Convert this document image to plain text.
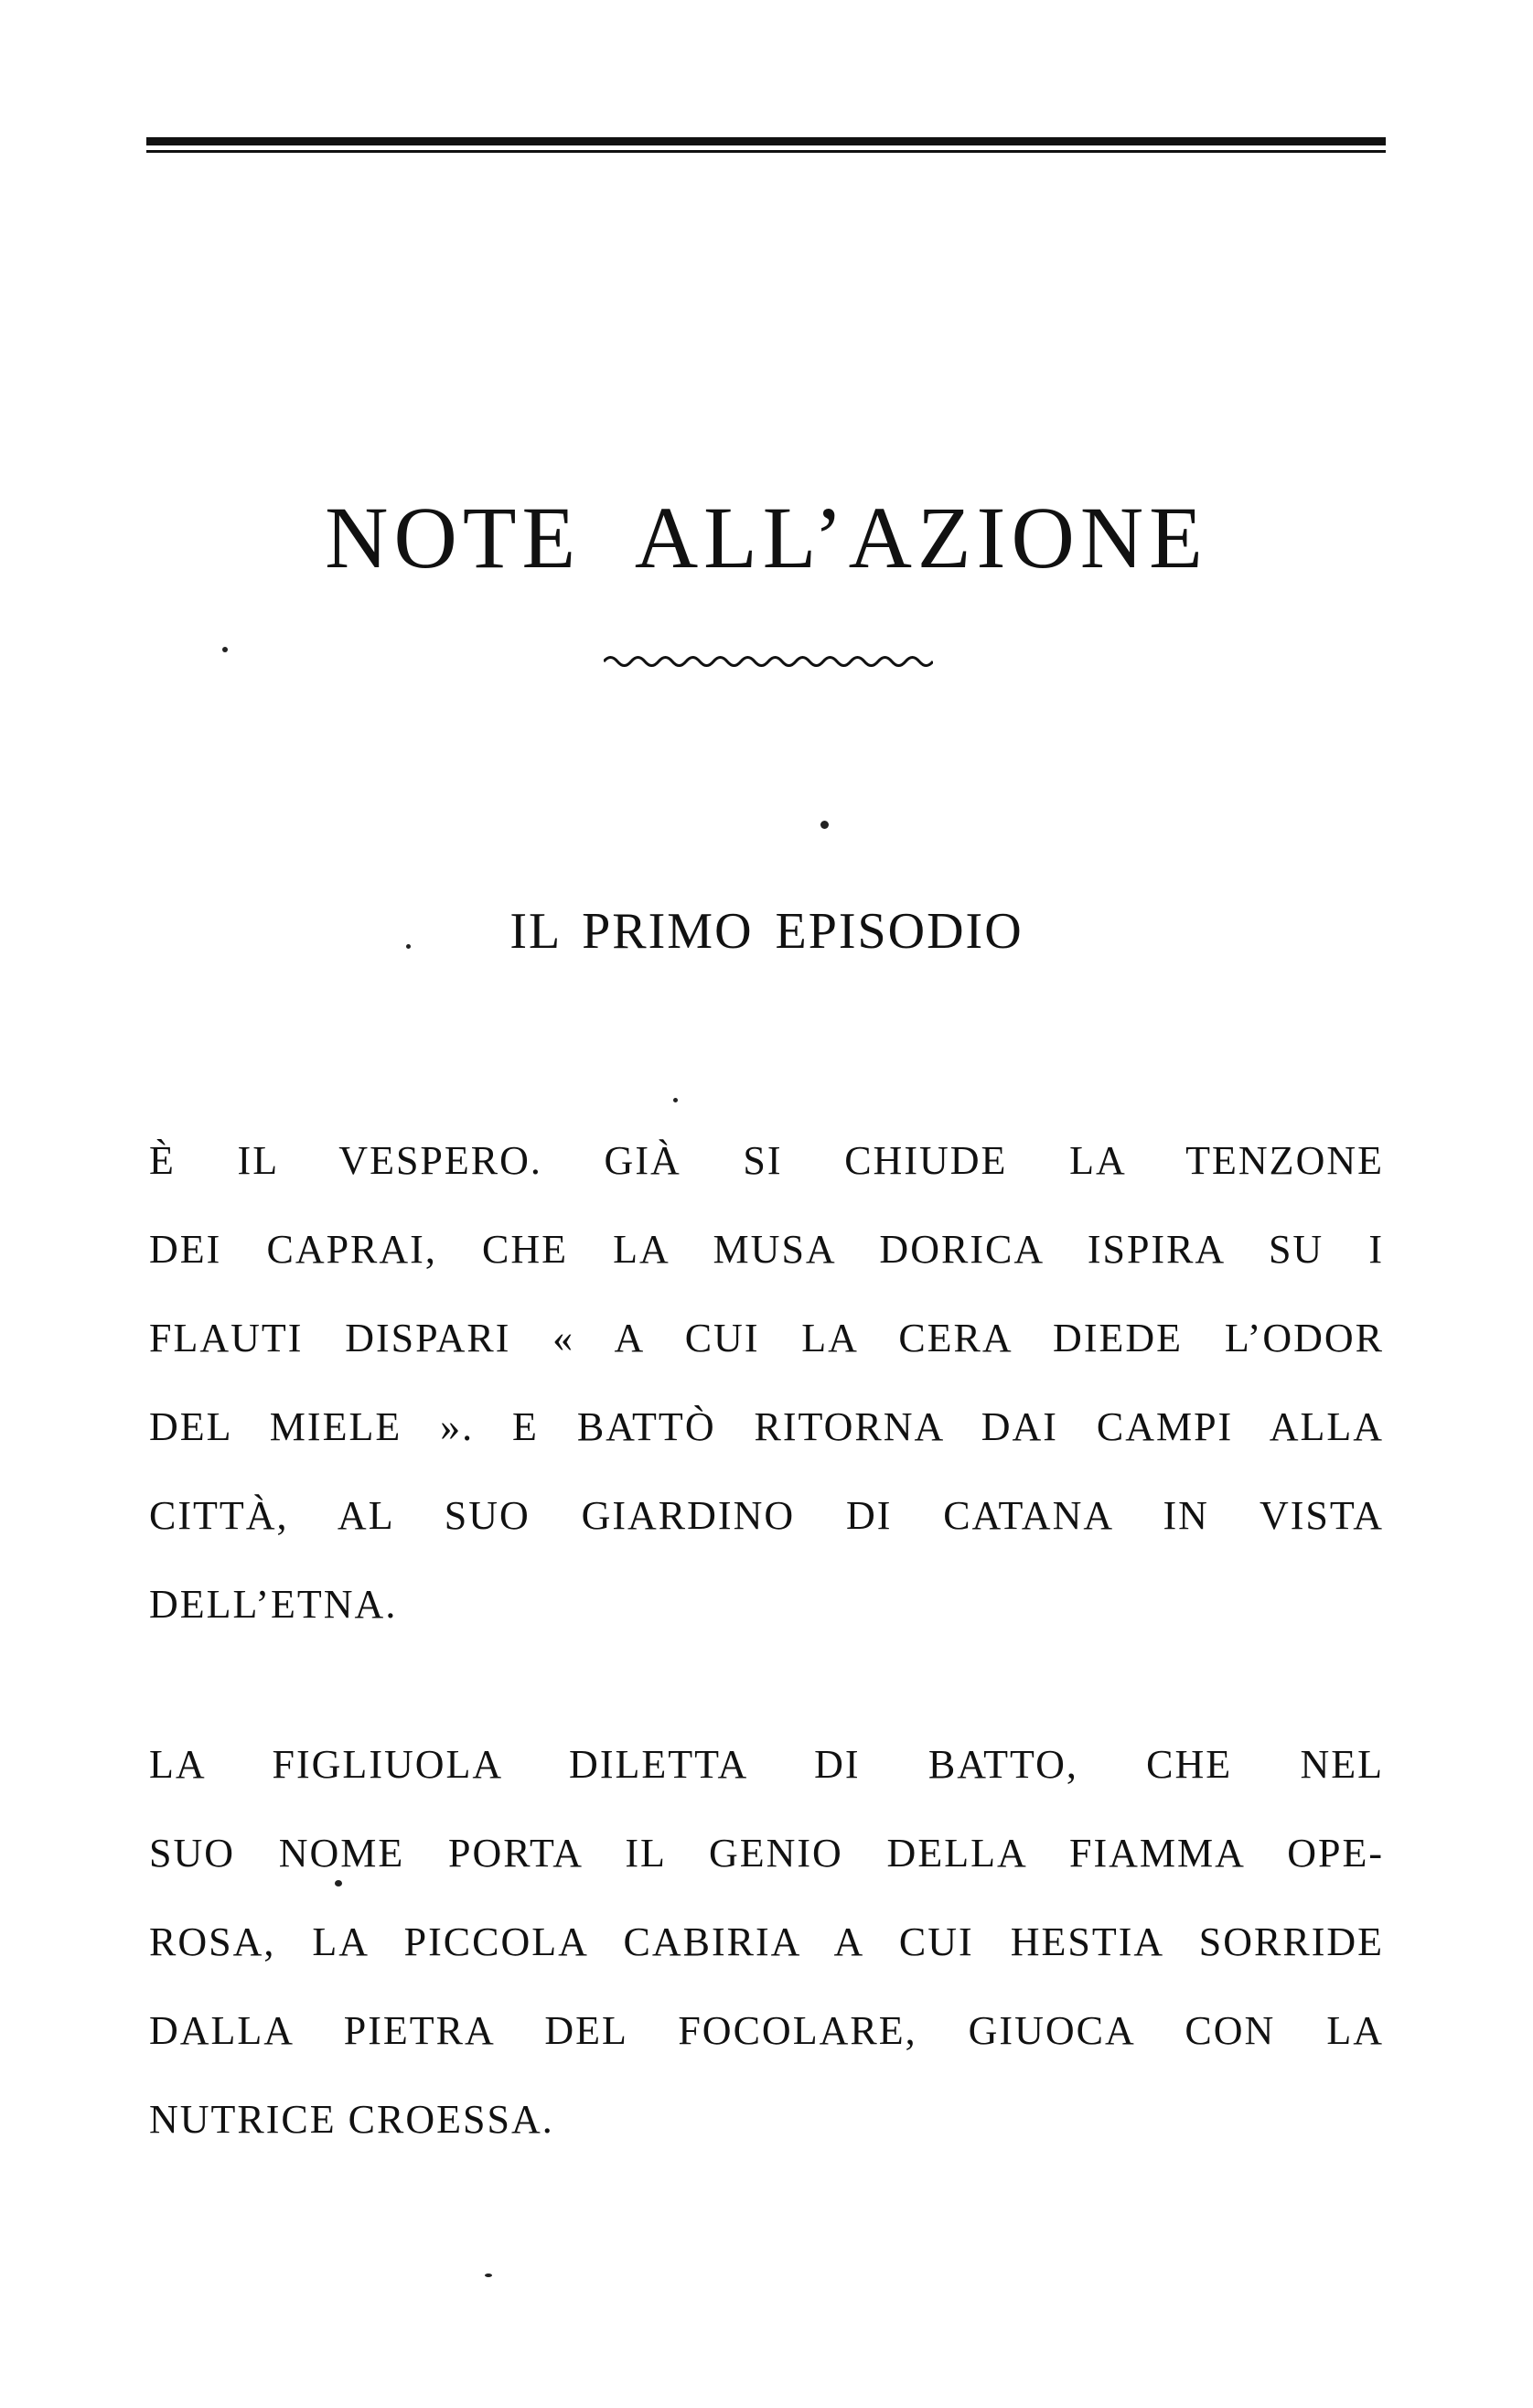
NOTE ALL’AZIONE
IL PRIMO EPISODIO
È IL VESPERO. GIÀ SI CHIUDE LA TENZONE
DEI CAPRAI, CHE LA MUSA DORICA ISPIRA SU I
FLAUTI DISPARI « A CUI LA CERA DIEDE L’ODOR
DEL MIELE ». E BATTÒ RITORNA DAI CAMPI ALLA
CITTÀ, AL SUO GIARDINO DI CATANA IN VISTA
DELL’ETNA.
LA FIGLIUOLA DILETTA DI BATTO, CHE NEL
SUO NOME PORTA IL GENIO DELLA FIAMMA OPE-
ROSA, LA PICCOLA CABIRIA A CUI HESTIA SORRIDE
DALLA PIETRA DEL FOCOLARE, GIUOCA CON LA
NUTRICE CROESSA.
